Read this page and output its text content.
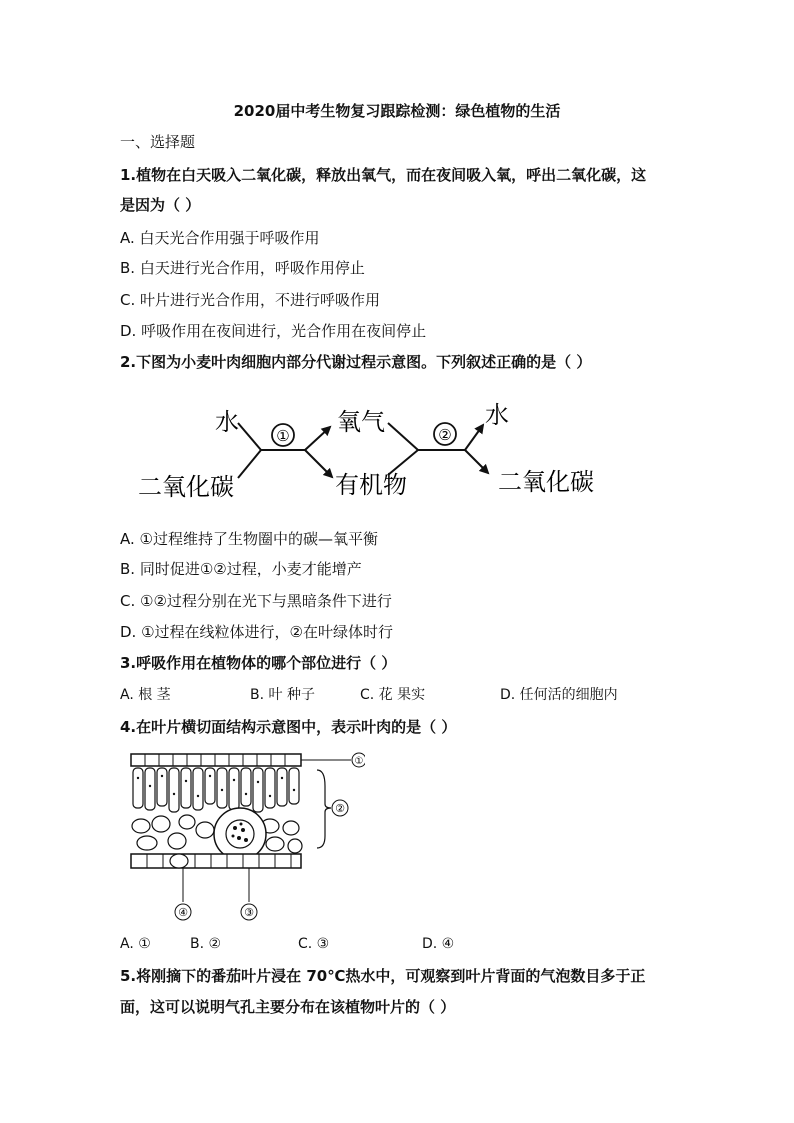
2020届中考生物复习跟踪检测：绿色植物的生活
一、选择题
1.植物在白天吸入二氧化碳，释放出氧气，而在夜间吸入氧，呼出二氧化碳，这
是因为（ ）
A. 白天光合作用强于呼吸作用
B. 白天进行光合作用，呼吸作用停止
C. 叶片进行光合作用，不进行呼吸作用
D. 呼吸作用在夜间进行，光合作用在夜间停止
2.下图为小麦叶肉细胞内部分代谢过程示意图。下列叙述正确的是（ ）
水
二氧化碳
① 氧气
有机物
②
水
二氧化碳
A. ①过程维持了生物圈中的碳—氧平衡
B. 同时促进①②过程，小麦才能增产
C. ①②过程分别在光下与黑暗条件下进行
D. ①过程在线粒体进行，②在叶绿体时行
3.呼吸作用在植物体的哪个部位进行（ ）
A. 根 茎	B. 叶 种子	C. 花 果实	D. 任何活的细胞内
4.在叶片横切面结构示意图中，表示叶肉的是（ ）
①
②
④	③
A. ①	B. ②	C. ③	D. ④
5.将刚摘下的番茄叶片浸在 70℃热水中，可观察到叶片背面的气泡数目多于正
面，这可以说明气孔主要分布在该植物叶片的（ ）
